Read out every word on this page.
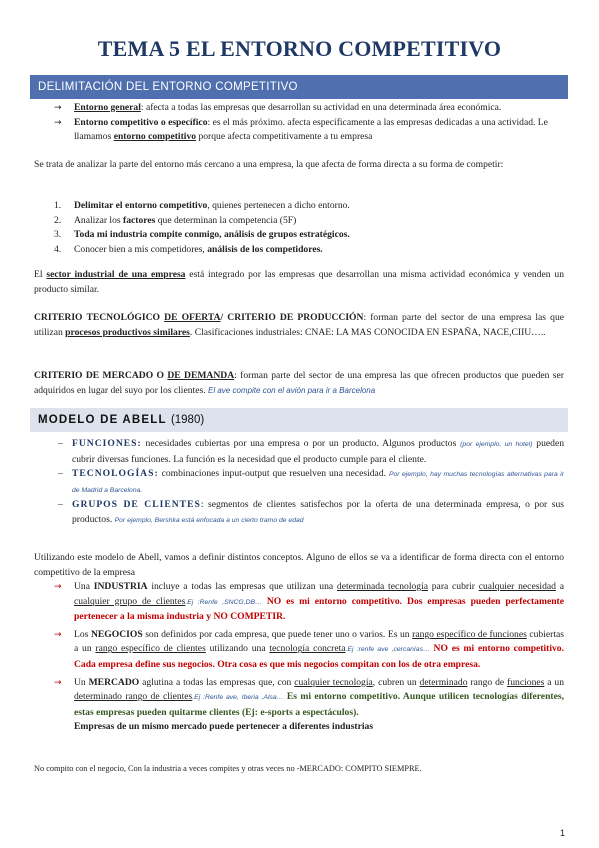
TEMA 5 EL ENTORNO COMPETITIVO
DELIMITACIÓN DEL ENTORNO COMPETITIVO

→ Entorno general: afecta a todas las empresas que desarrollan su actividad en una determinada área económica.

→ Entorno competitivo o específico: es el más próximo. afecta específicamente a las empresas dedicadas a una actividad. Le llamamos entorno competitivo porque afecta competitivamente a tu empresa

Se trata de analizar la parte del entorno más cercano a una empresa, la que afecta de forma directa a su forma de competir:

1. Delimitar el entorno competitivo, quienes pertenecen a dicho entorno.

2. Analizar los factores que determinan la competencia (5F)

3. Toda mi industria compite conmigo, análisis de grupos estratégicos.

4. Conocer bien a mis competidores, análisis de los competidores.

El sector industrial de una empresa está integrado por las empresas que desarrollan una misma actividad económica y venden un producto similar.

CRITERIO TECNOLÓGICO DE OFERTA/ CRITERIO DE PRODUCCIÓN: forman parte del sector de una empresa las que utilizan procesos productivos similares. Clasificaciones industriales: CNAE: LA MAS CONOCIDA EN ESPAÑA, NACE,CIIU…..

CRITERIO DE MERCADO O DE DEMANDA: forman parte del sector de una empresa las que ofrecen productos que pueden ser adquiridos en lugar del suyo por los clientes. El ave compite con el avión para ir a Barcelona

MODELO DE ABELL (1980)

– FUNCIONES: necesidades cubiertas por una empresa o por un producto. Algunos productos (por ejemplo, un hotel) pueden cubrir diversas funciones. La función es la necesidad que el producto cumple para el cliente.

– TECNOLOGÍAS: combinaciones input-output que resuelven una necesidad. Por ejemplo, hay muchas tecnologías alternativas para ir de Madrid a Barcelona.

– GRUPOS DE CLIENTES: segmentos de clientes satisfechos por la oferta de una determinada empresa, o por sus productos. Por ejemplo, Bershka está enfocada a un cierto tramo de edad

Utilizando este modelo de Abell, vamos a definir distintos conceptos. Alguno de ellos se va a identificar de forma directa con el entorno competitivo de la empresa

→ Una INDUSTRIA incluye a todas las empresas que utilizan una determinada tecnología para cubrir cualquier necesidad a cualquier grupo de clientes.Ej :Renfe ,SNCG,DB… NO es mi entorno competitivo. Dos empresas pueden perfectamente pertenecer a la misma industria y NO COMPETIR.

→ Los NEGOCIOS son definidos por cada empresa, que puede tener uno o varios. Es un rango específico de funciones cubiertas a un rango específico de clientes utilizando una tecnología concreta.Ej :renfe ave ,cercanías… NO es mi entorno competitivo. Cada empresa define sus negocios. Otra cosa es que mis negocios compitan con los de otra empresa.

→ Un MERCADO aglutina a todas las empresas que, con cualquier tecnología, cubren un determinado rango de funciones a un determinado rango de clientes.Ej :Renfe ave, Iberia ,Alsa… Es mi entorno competitivo. Aunque utilicen tecnologías diferentes, estas empresas pueden quitarme clientes (Ej: e-sports a espectáculos).

Empresas de un mismo mercado puede pertenecer a diferentes industrias

No compito con el negocio, Con la industria a veces compites y otras veces no -MERCADO: COMPITO SIEMPRE.

1
